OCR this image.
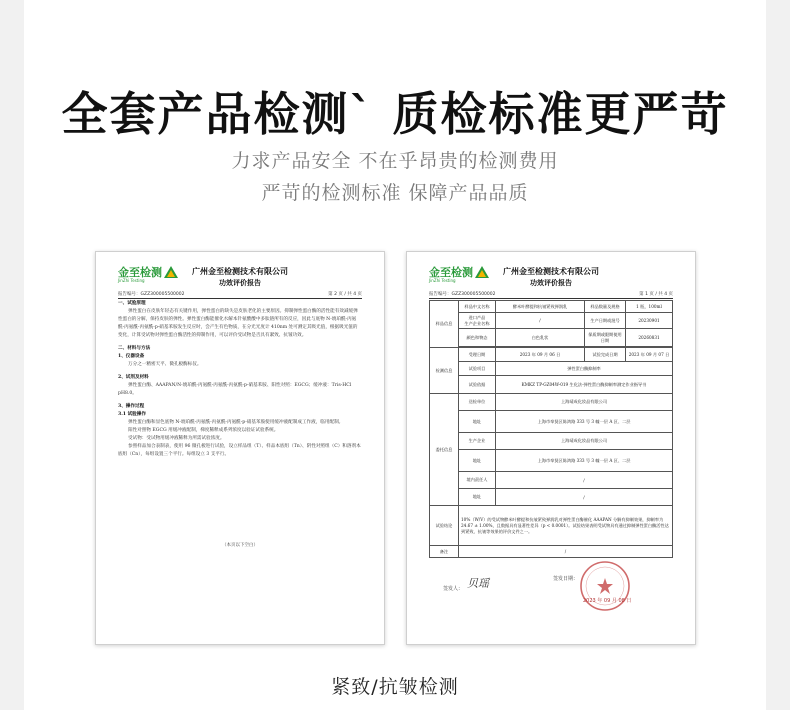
全套产品检测` 质检标准更严苛
力求产品安全 不在乎昂贵的检测费用
严苛的检测标准 保障产品品质
金至检测
JinZhi Testing
广州金至检测技术有限公司
功效评价报告
报告编号：GZZ300005500002	第 2 页 / 共 4 页
一、试验原理

弹性蛋白在皮肤年轻态有关键作用，弹性蛋白的缺失是皮肤老化的主要原因。抑制弹性蛋白酶的活性能有效减缓弹性蛋白的分解，保持皮肤的弹性。弹性蛋白酶能催化水解本针氨酸酸中多肽链所有的反应，因此与底物 N-琥珀酰-丙氨酰-丙氨酰-丙氨酰-p-硝基苯胺发生反应时，会产生有色物质，在分光光度计 410nm 处可测定其吸光值，根据吸光值的变化，计算受试物对弹性蛋白酶活性的抑制作用，可以评价受试物是否具有紧致、抗皱功效。

二、材料与方法
1、仪器设备

万分之一精密天平、微孔板酶标仪。

2、试剂及材料

弹性蛋白酶、AAAPAN/N-琥珀酰-丙氨酰-丙氨酰-丙氨酰-p-硝基苯胺、阳性对照：EGCG；缓冲液：Tris-HCl pH8.0。

3、操作过程
3.1 试验操作

弹性蛋白酶和显色底物 N-琥珀酰-丙氨酰-丙氨酰-丙氨酰-p-硝基苯胺使用缓冲液配制成工作液，临用配制。

阳性对照物 EGCG 用缓冲液配制，梯度稀释成系列浓度以验证试验系统。

受试物：受试物用缓冲液稀释为所需试验浓度。

参照样品加合表制表，使用 96 微孔板进行试验，设立样品组（T）、样品本底组（Tn）、阴性对照组（C）和溶剂本底组（Cn），每组设置三个平行。每组设立 3 支平行。

（本页以下空白）
金至检测
JinZhi Testing
广州金至检测技术有限公司
功效评价报告
报告编号：GZZ300005500002	第 1 页 / 共 4 页
样品信息	样品中文名称	酵米叶酵提和抗皱紧致弹润乳	样品数量及规格	1 瓶，100ml
	进口产品
生产企业名称	/	生产日期或批号	20230901
	颜色和物态	白色乳状	保质期或限期使用日期	20260831

检测信息	受理日期	2023 年 09 月 06 日	试验完成日期	2023 年 09 月 07 日
	试验项目	弹性蛋白酶抑制率		
	试验依据	KMKZ TP-GZ04W-019 生化法-弹性蛋白酶抑制率测定作业指导书		
委托信息	送检单位	上海靖成化妆品有限公司		
	地址	上海市奉贤区陈鸿路 333 号 3 幢一层 A 区、二层		
	生产企业	上海靖成化妆品有限公司		
	地址	上海市奉贤区陈鸿路 333 号 3 幢一层 A 区、二层		
	境内责任人	/		
	地址	/		
试验结论	10%（W/V）的受试物酵米叶酵提和抗皱紧致弹润乳对弹性蛋白酶催化 AAAPAN 分解有抑制效果，抑制率为 24.67 ± 1.00%，且数据具有显著性差异（p < 0.0001）。试验结果表明受试物具有通过抑制弹性蛋白酶活性达到紧致、抗皱等效果的评价文件之一。			
备注	/			
签发人： 贝瑶	签发日期：
2023 年 09 月 08 日
紧致/抗皱检测
